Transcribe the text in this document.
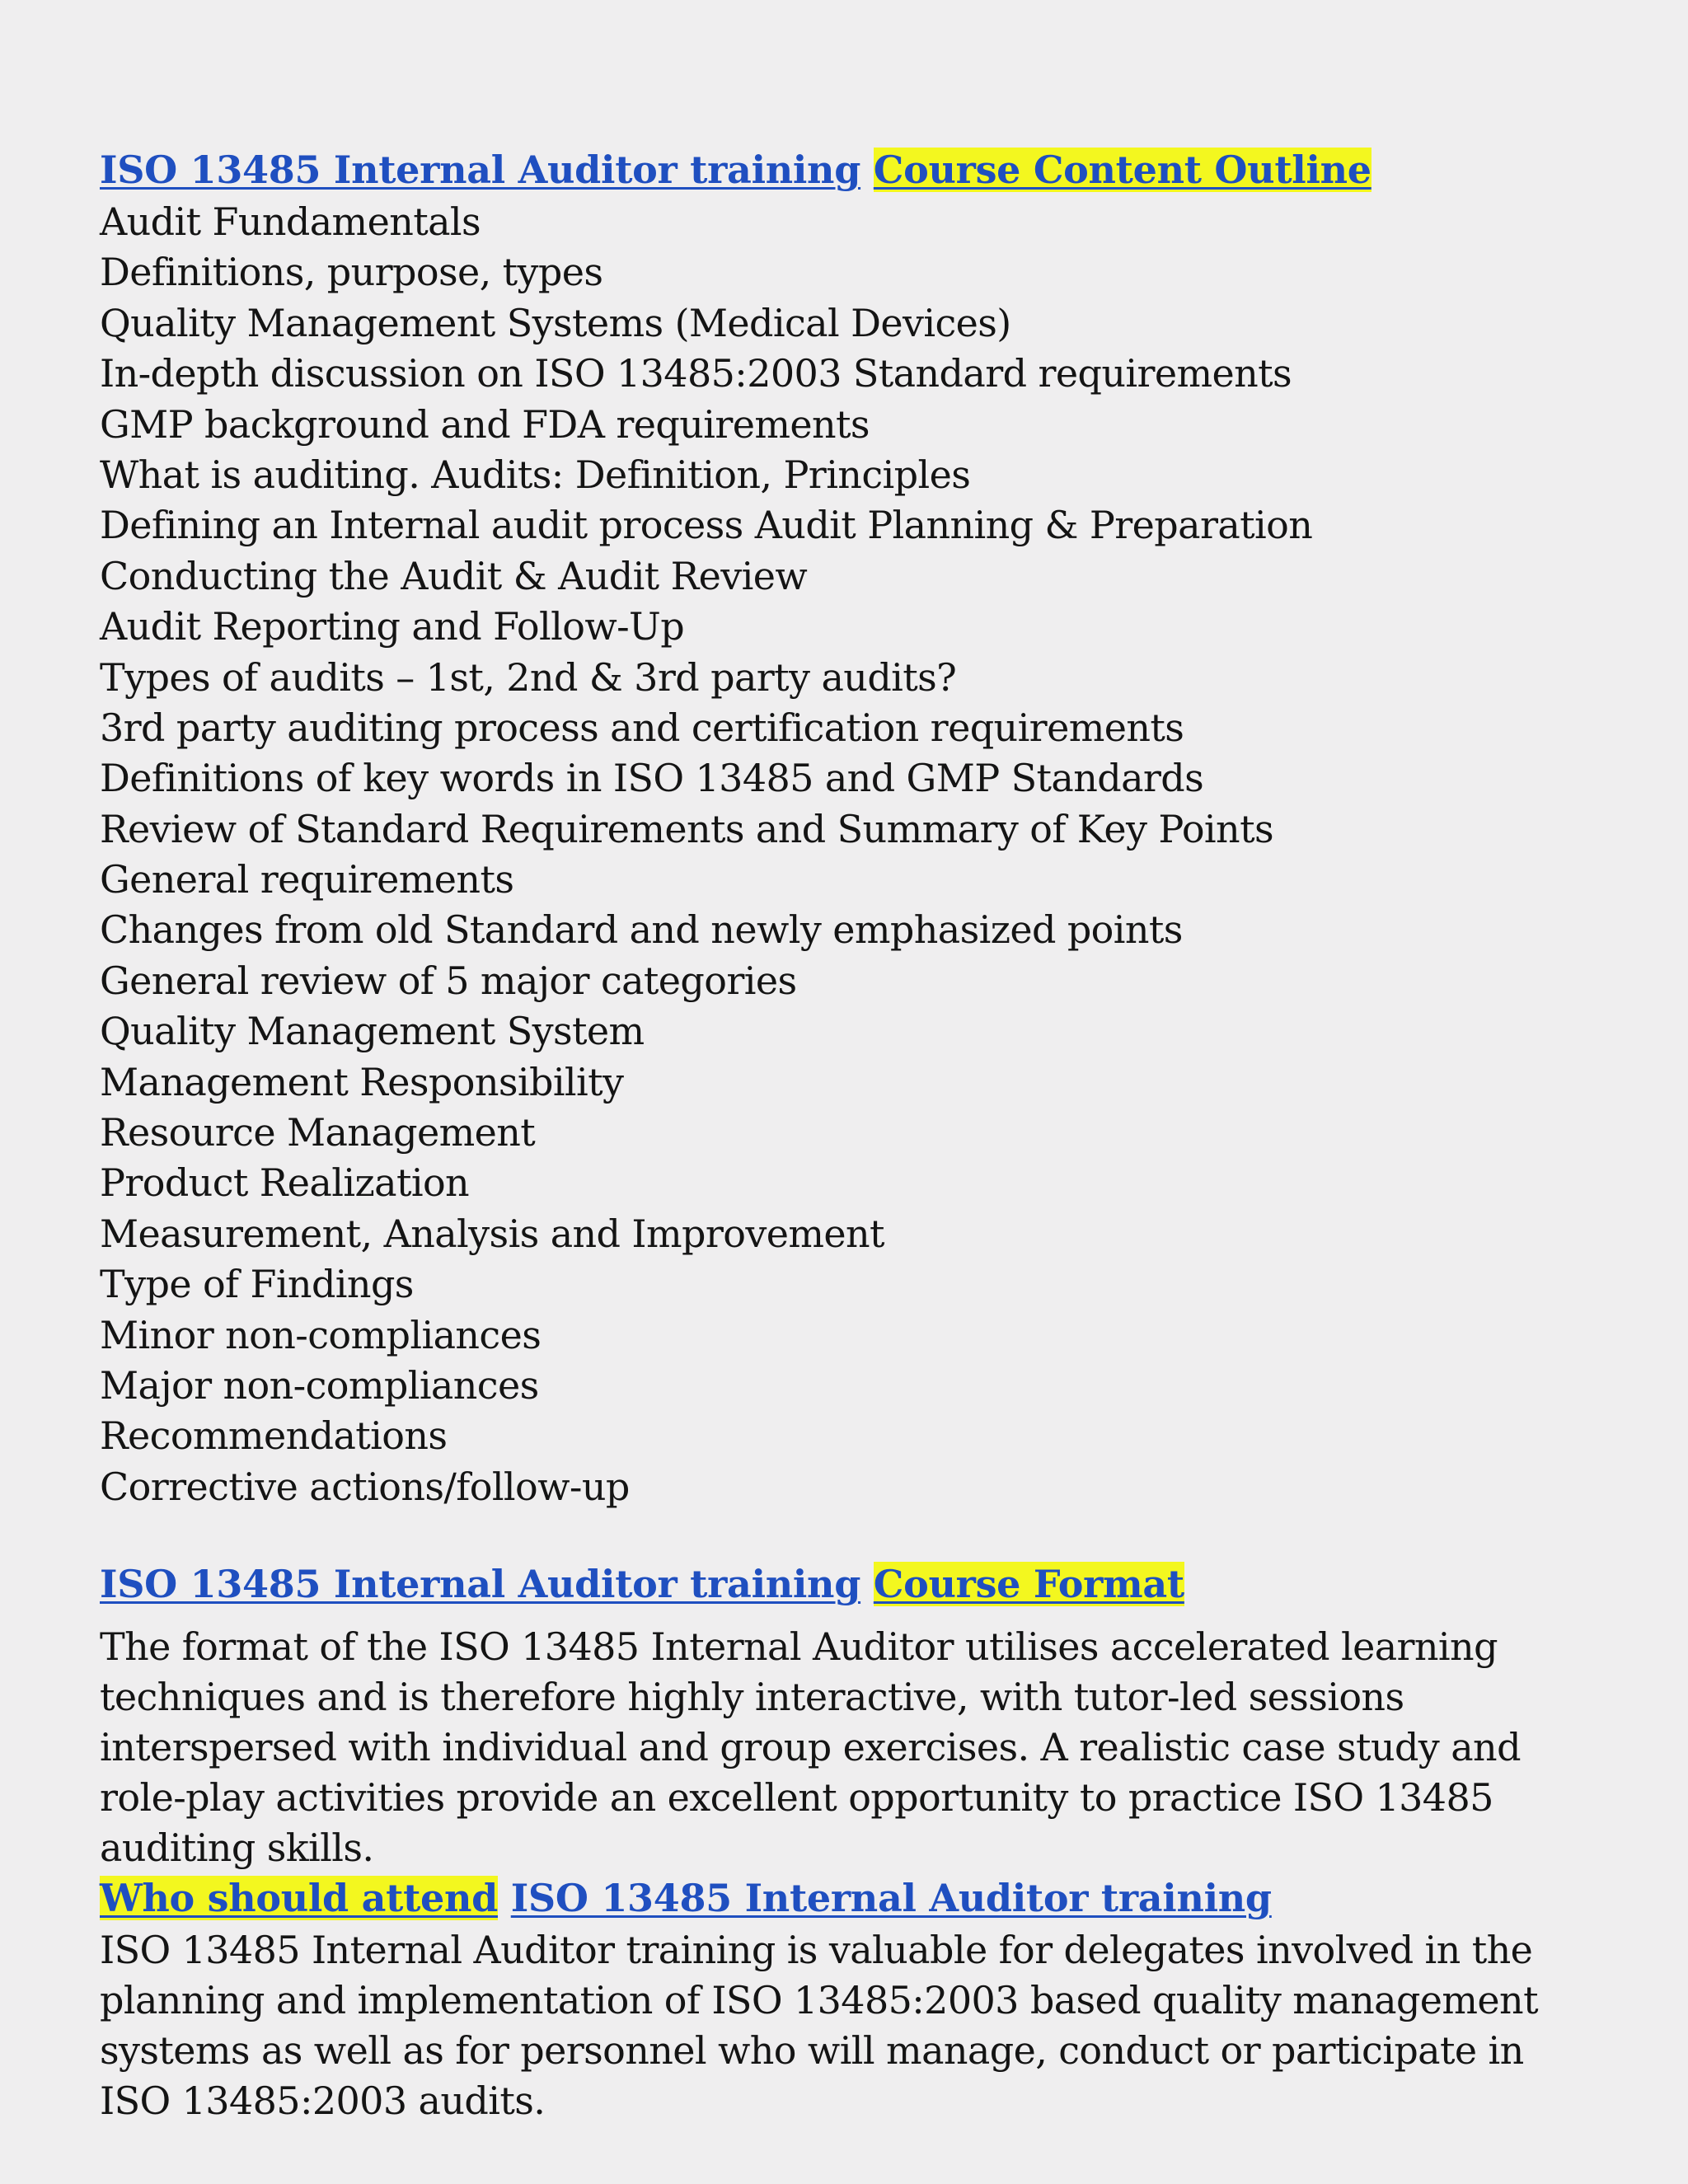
ISO 13485 Internal Auditor training Course Content Outline
Audit Fundamentals
Definitions, purpose, types
Quality Management Systems (Medical Devices)
In-depth discussion on ISO 13485:2003 Standard requirements
GMP background and FDA requirements
What is auditing. Audits: Definition, Principles
Defining an Internal audit process Audit Planning & Preparation
Conducting the Audit & Audit Review
Audit Reporting and Follow-Up
Types of audits – 1st, 2nd & 3rd party audits?
3rd party auditing process and certification requirements
Definitions of key words in ISO 13485 and GMP Standards
Review of Standard Requirements and Summary of Key Points
General requirements
Changes from old Standard and newly emphasized points
General review of 5 major categories
Quality Management System
Management Responsibility
Resource Management
Product Realization
Measurement, Analysis and Improvement
Type of Findings
Minor non-compliances
Major non-compliances
Recommendations
Corrective actions/follow-up
ISO 13485 Internal Auditor training Course Format

The format of the ISO 13485 Internal Auditor utilises accelerated learning techniques and is therefore highly interactive, with tutor-led sessions interspersed with individual and group exercises. A realistic case study and role-play activities provide an excellent opportunity to practice ISO 13485 auditing skills.

Who should attend ISO 13485 Internal Auditor training

ISO 13485 Internal Auditor training is valuable for delegates involved in the planning and implementation of ISO 13485:2003 based quality management systems as well as for personnel who will manage, conduct or participate in ISO 13485:2003 audits.
